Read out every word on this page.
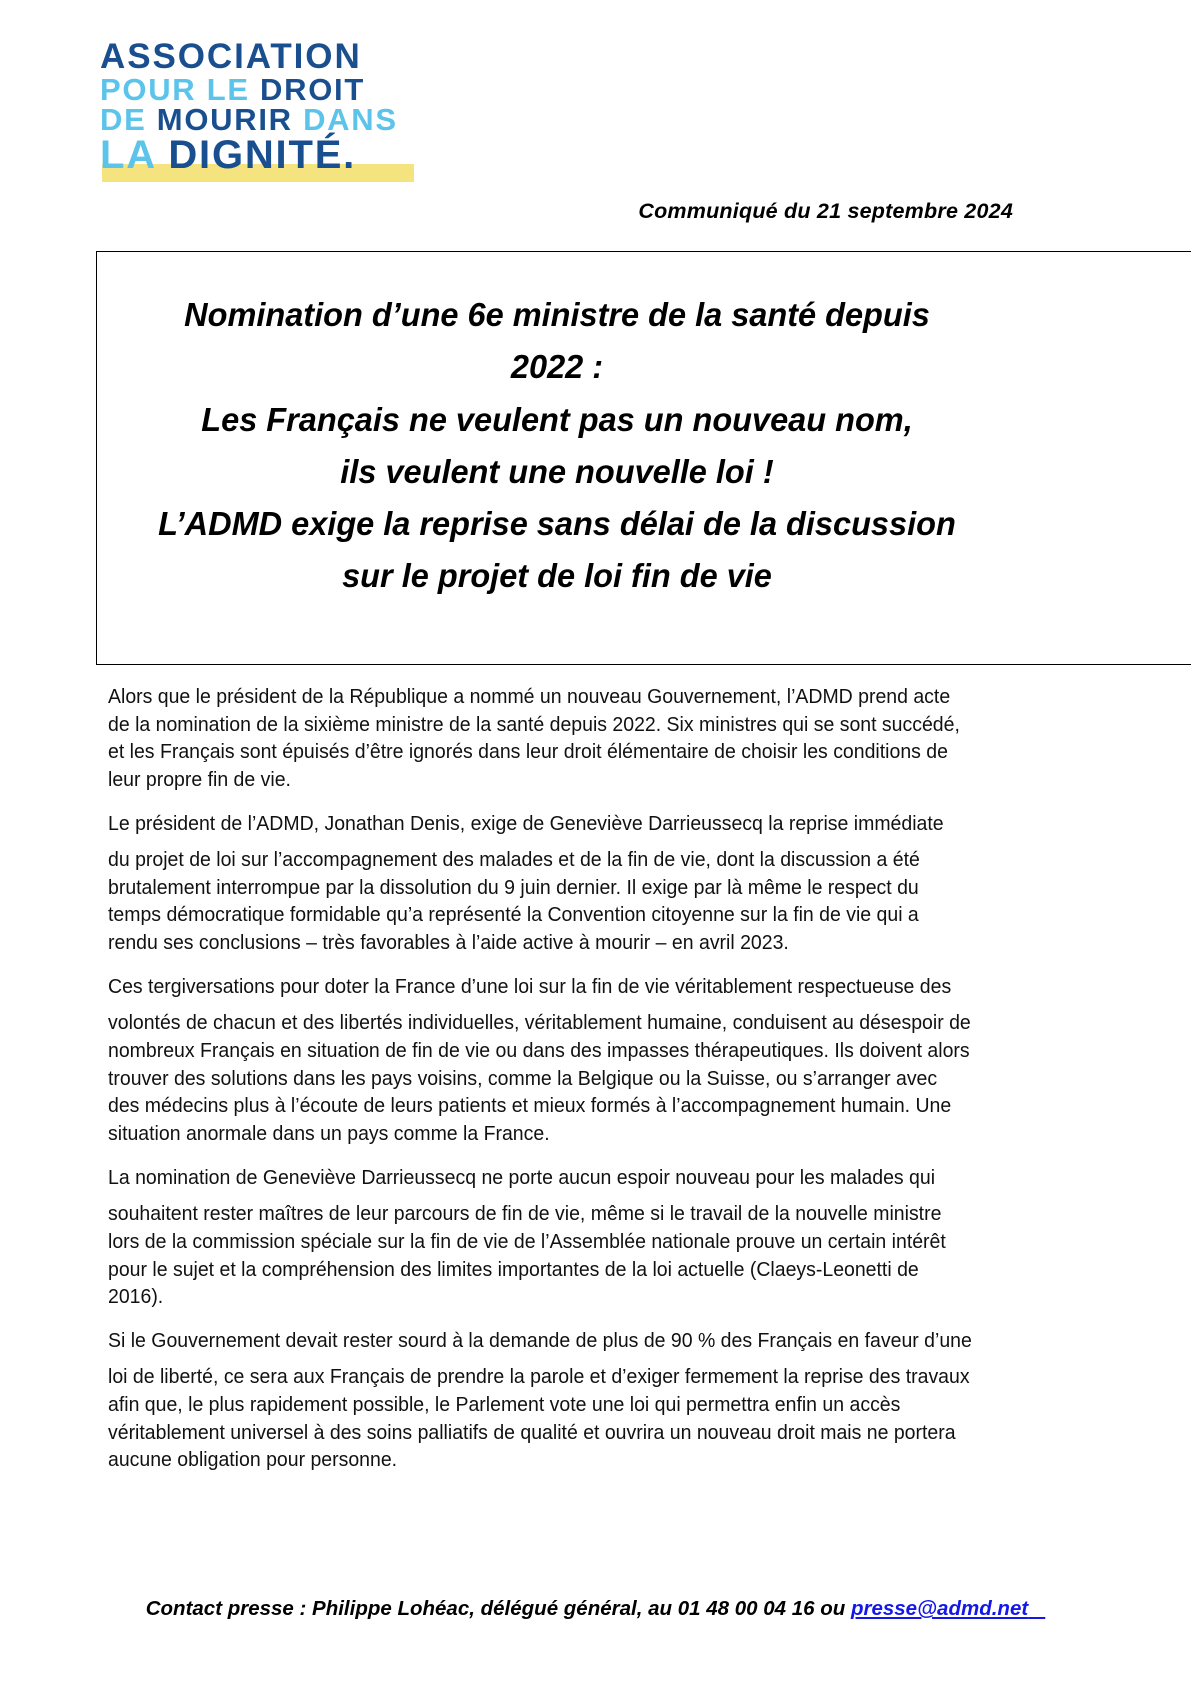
ASSOCIATION
POUR LE DROIT
DE MOURIR DANS
LA DIGNITÉ.
Communiqué du 21 septembre 2024
Nomination d’une 6e ministre de la santé depuis
2022 :
Les Français ne veulent pas un nouveau nom,
ils veulent une nouvelle loi !
L’ADMD exige la reprise sans délai de la discussion
sur le projet de loi fin de vie

Alors que le président de la République a nommé un nouveau Gouvernement, l’ADMD prend acte de la nomination de la sixième ministre de la santé depuis 2022. Six ministres qui se sont succédé, et les Français sont épuisés d’être ignorés dans leur droit élémentaire de choisir les conditions de leur propre fin de vie.

Le président de l’ADMD, Jonathan Denis, exige de Geneviève Darrieussecq la reprise immédiate

du projet de loi sur l’accompagnement des malades et de la fin de vie, dont la discussion a été brutalement interrompue par la dissolution du 9 juin dernier. Il exige par là même le respect du temps démocratique formidable qu’a représenté la Convention citoyenne sur la fin de vie qui a rendu ses conclusions – très favorables à l’aide active à mourir – en avril 2023.

Ces tergiversations pour doter la France d’une loi sur la fin de vie véritablement respectueuse des

volontés de chacun et des libertés individuelles, véritablement humaine, conduisent au désespoir de nombreux Français en situation de fin de vie ou dans des impasses thérapeutiques. Ils doivent alors trouver des solutions dans les pays voisins, comme la Belgique ou la Suisse, ou s’arranger avec des médecins plus à l’écoute de leurs patients et mieux formés à l’accompagnement humain. Une situation anormale dans un pays comme la France.

La nomination de Geneviève Darrieussecq ne porte aucun espoir nouveau pour les malades qui

souhaitent rester maîtres de leur parcours de fin de vie, même si le travail de la nouvelle ministre lors de la commission spéciale sur la fin de vie de l’Assemblée nationale prouve un certain intérêt pour le sujet et la compréhension des limites importantes de la loi actuelle (Claeys-Leonetti de 2016).

Si le Gouvernement devait rester sourd à la demande de plus de 90 % des Français en faveur d’une

loi de liberté, ce sera aux Français de prendre la parole et d’exiger fermement la reprise des travaux afin que, le plus rapidement possible, le Parlement vote une loi qui permettra enfin un accès véritablement universel à des soins palliatifs de qualité et ouvrira un nouveau droit mais ne portera aucune obligation pour personne.

Contact presse : Philippe Lohéac, délégué général, au 01 48 00 04 16 ou presse@admd.net
